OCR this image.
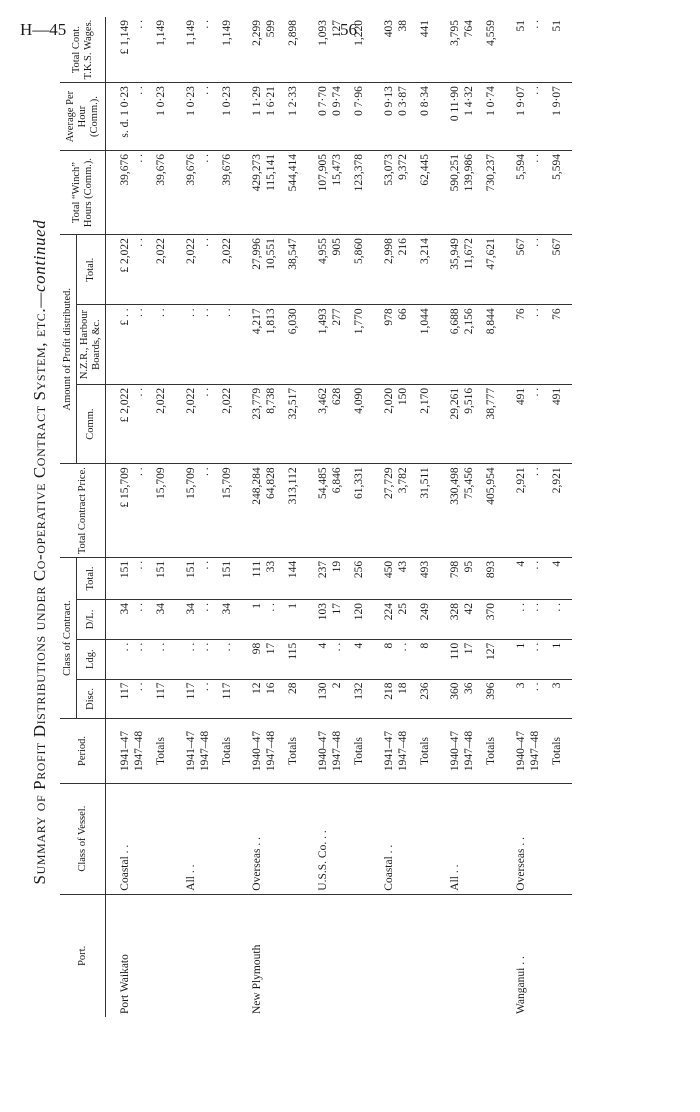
H—45	56
Summary of Profit Distributions under Co-operative Contract System, etc.—continued
Port.	Class of Vessel.	Period.	Class of Contract.				Total Contract Price.	Amount of Profit distributed.			Total “Winch” Hours (Comm.).	Average Per Hour (Comm.).	Total Cont. T.K.S. Wages.
			Disc.	Ldg.	D/L.	Total.		Comm.	N.Z.R., Harbour Boards, &c.	Total.			
Port Waikato	Coastal . .	1941–47	117	. .	34	151	£ 15,709	£ 2,022	£ . .	£ 2,022	39,676	s. d. 1 0·23	£ 1,149
		1947–48	. .	. .	. .	. .	. .	. .	. .	. .	. .	. .	. .
		Totals	117	. .	34	151	15,709	2,022	. .	2,022	39,676	1 0·23	1,149
	All . .	1941–47	117	. .	34	151	15,709	2,022	. .	2,022	39,676	1 0·23	1,149
		1947–48	. .	. .	. .	. .	. .	. .	. .	. .	. .	. .	. .
		Totals	117	. .	34	151	15,709	2,022	. .	2,022	39,676	1 0·23	1,149
New Plymouth	Overseas . .	1940–47	12	98	1	111	248,284	23,779	4,217	27,996	429,273	1 1·29	2,299
		1947–48	16	17	. .	33	64,828	8,738	1,813	10,551	115,141	1 6·21	599
		Totals	28	115	1	144	313,112	32,517	6,030	38,547	544,414	1 2·33	2,898
	U.S.S. Co. . .	1940–47	130	4	103	237	54,485	3,462	1,493	4,955	107,905	0 7·70	1,093
		1947–48	2	. .	17	19	6,846	628	277	905	15,473	0 9·74	127
		Totals	132	4	120	256	61,331	4,090	1,770	5,860	123,378	0 7·96	1,220
	Coastal . .	1941–47	218	8	224	450	27,729	2,020	978	2,998	53,073	0 9·13	403
		1947–48	18	. .	25	43	3,782	150	66	216	9,372	0 3·87	38
		Totals	236	8	249	493	31,511	2,170	1,044	3,214	62,445	0 8·34	441
	All . .	1940–47	360	110	328	798	330,498	29,261	6,688	35,949	590,251	0 11·90	3,795
		1947–48	36	17	42	95	75,456	9,516	2,156	11,672	139,986	1 4·32	764
		Totals	396	127	370	893	405,954	38,777	8,844	47,621	730,237	1 0·74	4,559
Wanganui . .	Overseas . .	1940–47	3	1	. .	4	2,921	491	76	567	5,594	1 9·07	51
		1947–48	. .	. .	. .	. .	. .	. .	. .	. .	. .	. .	. .
		Totals	3	1	. .	4	2,921	491	76	567	5,594	1 9·07	51
